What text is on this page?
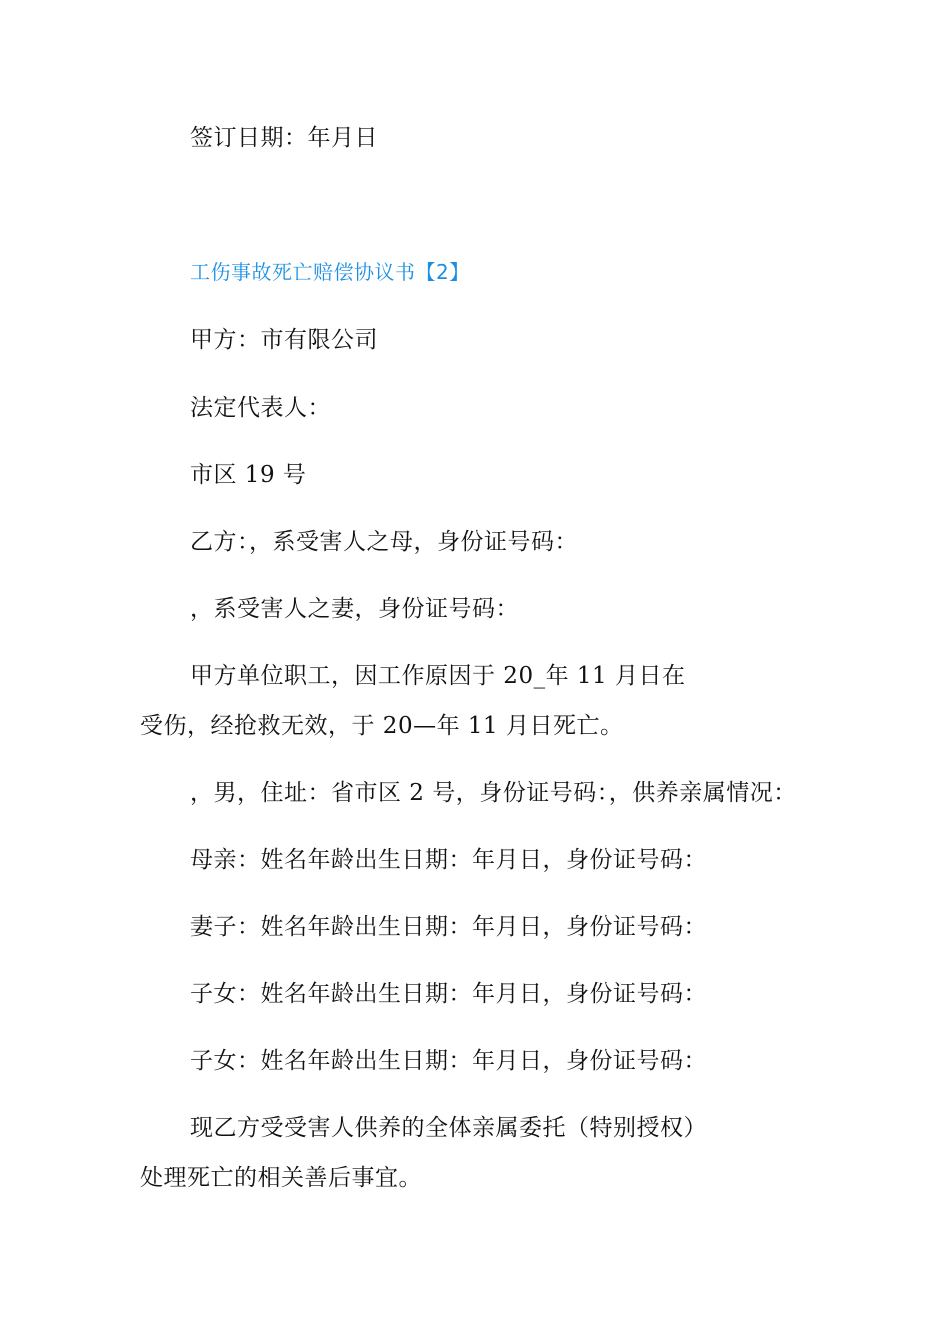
签订日期：年月日
工伤事故死亡赔偿协议书【2】
甲方：市有限公司
法定代表人：
市区 19 号
乙方：，系受害人之母，身份证号码：
，系受害人之妻，身份证号码：
甲方单位职工，因工作原因于 20_年 11 月日在
受伤，经抢救无效，于 20—年 11 月日死亡。
，男，住址：省市区 2 号，身份证号码：，供养亲属情况：
母亲：姓名年龄出生日期：年月日，身份证号码：
妻子：姓名年龄出生日期：年月日，身份证号码：
子女：姓名年龄出生日期：年月日，身份证号码：
子女：姓名年龄出生日期：年月日，身份证号码：
现乙方受受害人供养的全体亲属委托（特别授权）
处理死亡的相关善后事宜。
